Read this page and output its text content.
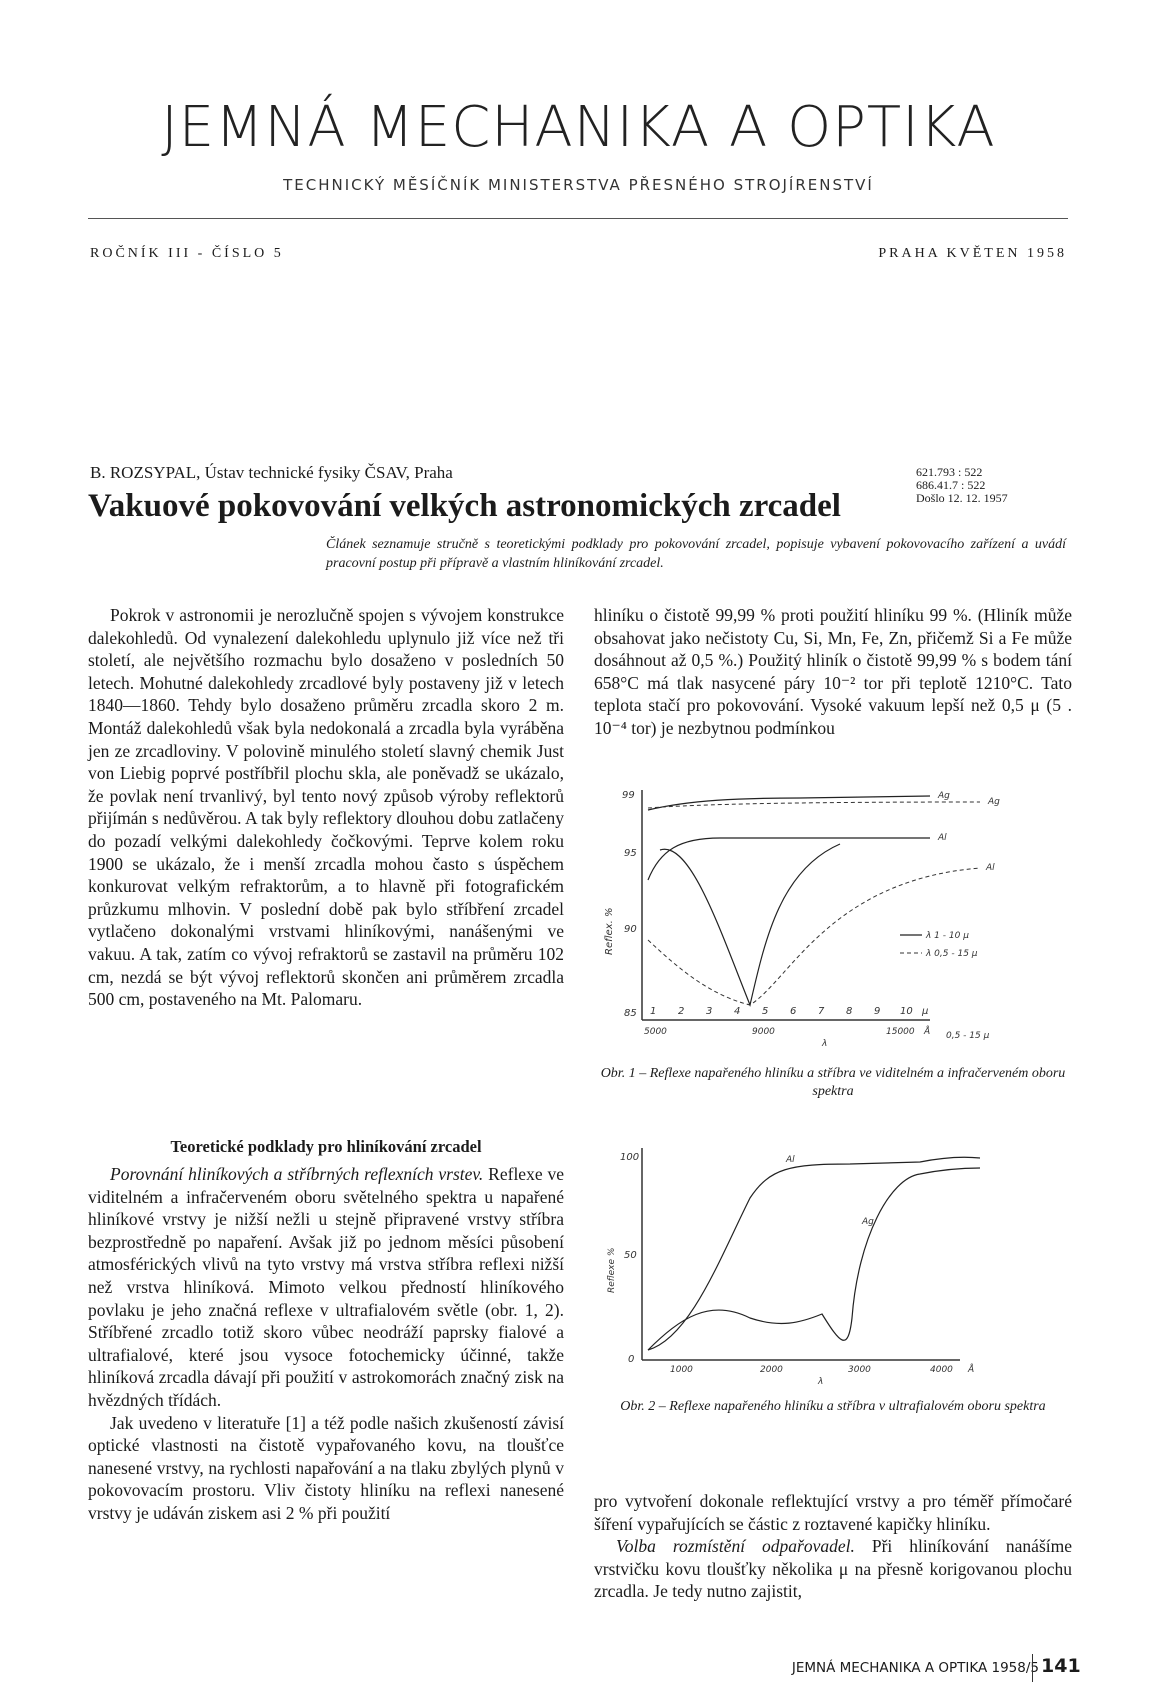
JEMNÁ MECHANIKA A OPTIKA
TECHNICKÝ MĚSÍČNÍK MINISTERSTVA PŘESNÉHO STROJÍRENSTVÍ
ROČNÍK III - ČÍSLO 5	PRAHA KVĚTEN 1958
B. ROZSYPAL, Ústav technické fysiky ČSAV, Praha
Vakuové pokovování velkých astronomických zrcadel
621.793 : 522
686.41.7 : 522
Došlo 12. 12. 1957
Článek seznamuje stručně s teoretickými podklady pro pokovování zrcadel, popisuje vybavení pokovovacího zařízení a uvádí pracovní postup při přípravě a vlastním hliníkování zrcadel.

Pokrok v astronomii je nerozlučně spojen s vývojem konstrukce dalekohledů. Od vynalezení dalekohledu uplynulo již více než tři století, ale největšího rozmachu bylo dosaženo v posledních 50 letech. Mohutné dalekohledy zrcadlové byly postaveny již v letech 1840—1860. Tehdy bylo dosaženo průměru zrcadla skoro 2 m. Montáž dalekohledů však byla nedokonalá a zrcadla byla vyráběna jen ze zrcadloviny. V polovině minulého století slavný chemik Just von Liebig poprvé postříbřil plochu skla, ale poněvadž se ukázalo, že povlak není trvanlivý, byl tento nový způsob výroby reflektorů přijímán s nedůvěrou. A tak byly reflektory dlouhou dobu zatlačeny do pozadí velkými dalekohledy čočkovými. Teprve kolem roku 1900 se ukázalo, že i menší zrcadla mohou často s úspěchem konkurovat velkým refraktorům, a to hlavně při fotografickém průzkumu mlhovin. V poslední době pak bylo stříbření zrcadel vytlačeno dokonalými vrstvami hliníkovými, nanášenými ve vakuu. A tak, zatím co vývoj refraktorů se zastavil na průměru 102 cm, nezdá se být vývoj reflektorů skončen ani průměrem zrcadla 500 cm, postaveného na Mt. Palomaru.

Teoretické podklady pro hliníkování zrcadel

Porovnání hliníkových a stříbrných reflexních vrstev. Reflexe ve viditelném a infračerveném oboru světelného spektra u napařené hliníkové vrstvy je nižší nežli u stejně připravené vrstvy stříbra bezprostředně po napaření. Avšak již po jednom měsíci působení atmosférických vlivů na tyto vrstvy má vrstva stříbra reflexi nižší než vrstva hliníková. Mimoto velkou předností hliníkového povlaku je jeho značná reflexe v ultrafialovém světle (obr. 1, 2). Stříbřené zrcadlo totiž skoro vůbec neodráží paprsky fialové a ultrafialové, které jsou vysoce fotochemicky účinné, takže hliníková zrcadla dávají při použití v astrokomorách značný zisk na hvězdných třídách.

Jak uvedeno v literatuře [1] a též podle našich zkušeností závisí optické vlastnosti na čistotě vypařovaného kovu, na tloušťce nanesené vrstvy, na rychlosti napařování a na tlaku zbylých plynů v pokovovacím prostoru. Vliv čistoty hliníku na reflexi nanesené vrstvy je udáván ziskem asi 2 % při použití

hliníku o čistotě 99,99 % proti použití hliníku 99 %. (Hliník může obsahovat jako nečistoty Cu, Si, Mn, Fe, Zn, přičemž Si a Fe může dosáhnout až 0,5 %.) Použitý hliník o čistotě 99,99 % s bodem tání 658°C má tlak nasycené páry 10⁻² tor při teplotě 1210°C. Tato teplota stačí pro pokovování. Vysoké vakuum lepší než 0,5 μ (5 . 10⁻⁴ tor) je nezbytnou podmínkou

99
95
90
85
Reflex. %
1 2 3 4 5 6 7 8 9 10 μ
5000	9000	15000 Å
λ
0,5 - 15 μ
Ag
Al
Ag
Al
λ 1 - 10 μ
λ 0,5 - 15 μ
Obr. 1 – Reflexe napařeného hliníku a stříbra ve viditelném a infračerveném oboru spektra
100
50
0
Reflexe %
1000	2000	3000	4000 Å
λ
Al
Ag
Obr. 2 – Reflexe napařeného hliníku a stříbra v ultrafialovém oboru spektra

pro vytvoření dokonale reflektující vrstvy a pro téměř přímočaré šíření vypařujících se částic z roztavené kapičky hliníku.

Volba rozmístění odpařovadel. Při hliníkování nanášíme vrstvičku kovu tloušťky několika μ na přesně korigovanou plochu zrcadla. Je tedy nutno zajistit,

JEMNÁ MECHANIKA A OPTIKA 1958/5 141
